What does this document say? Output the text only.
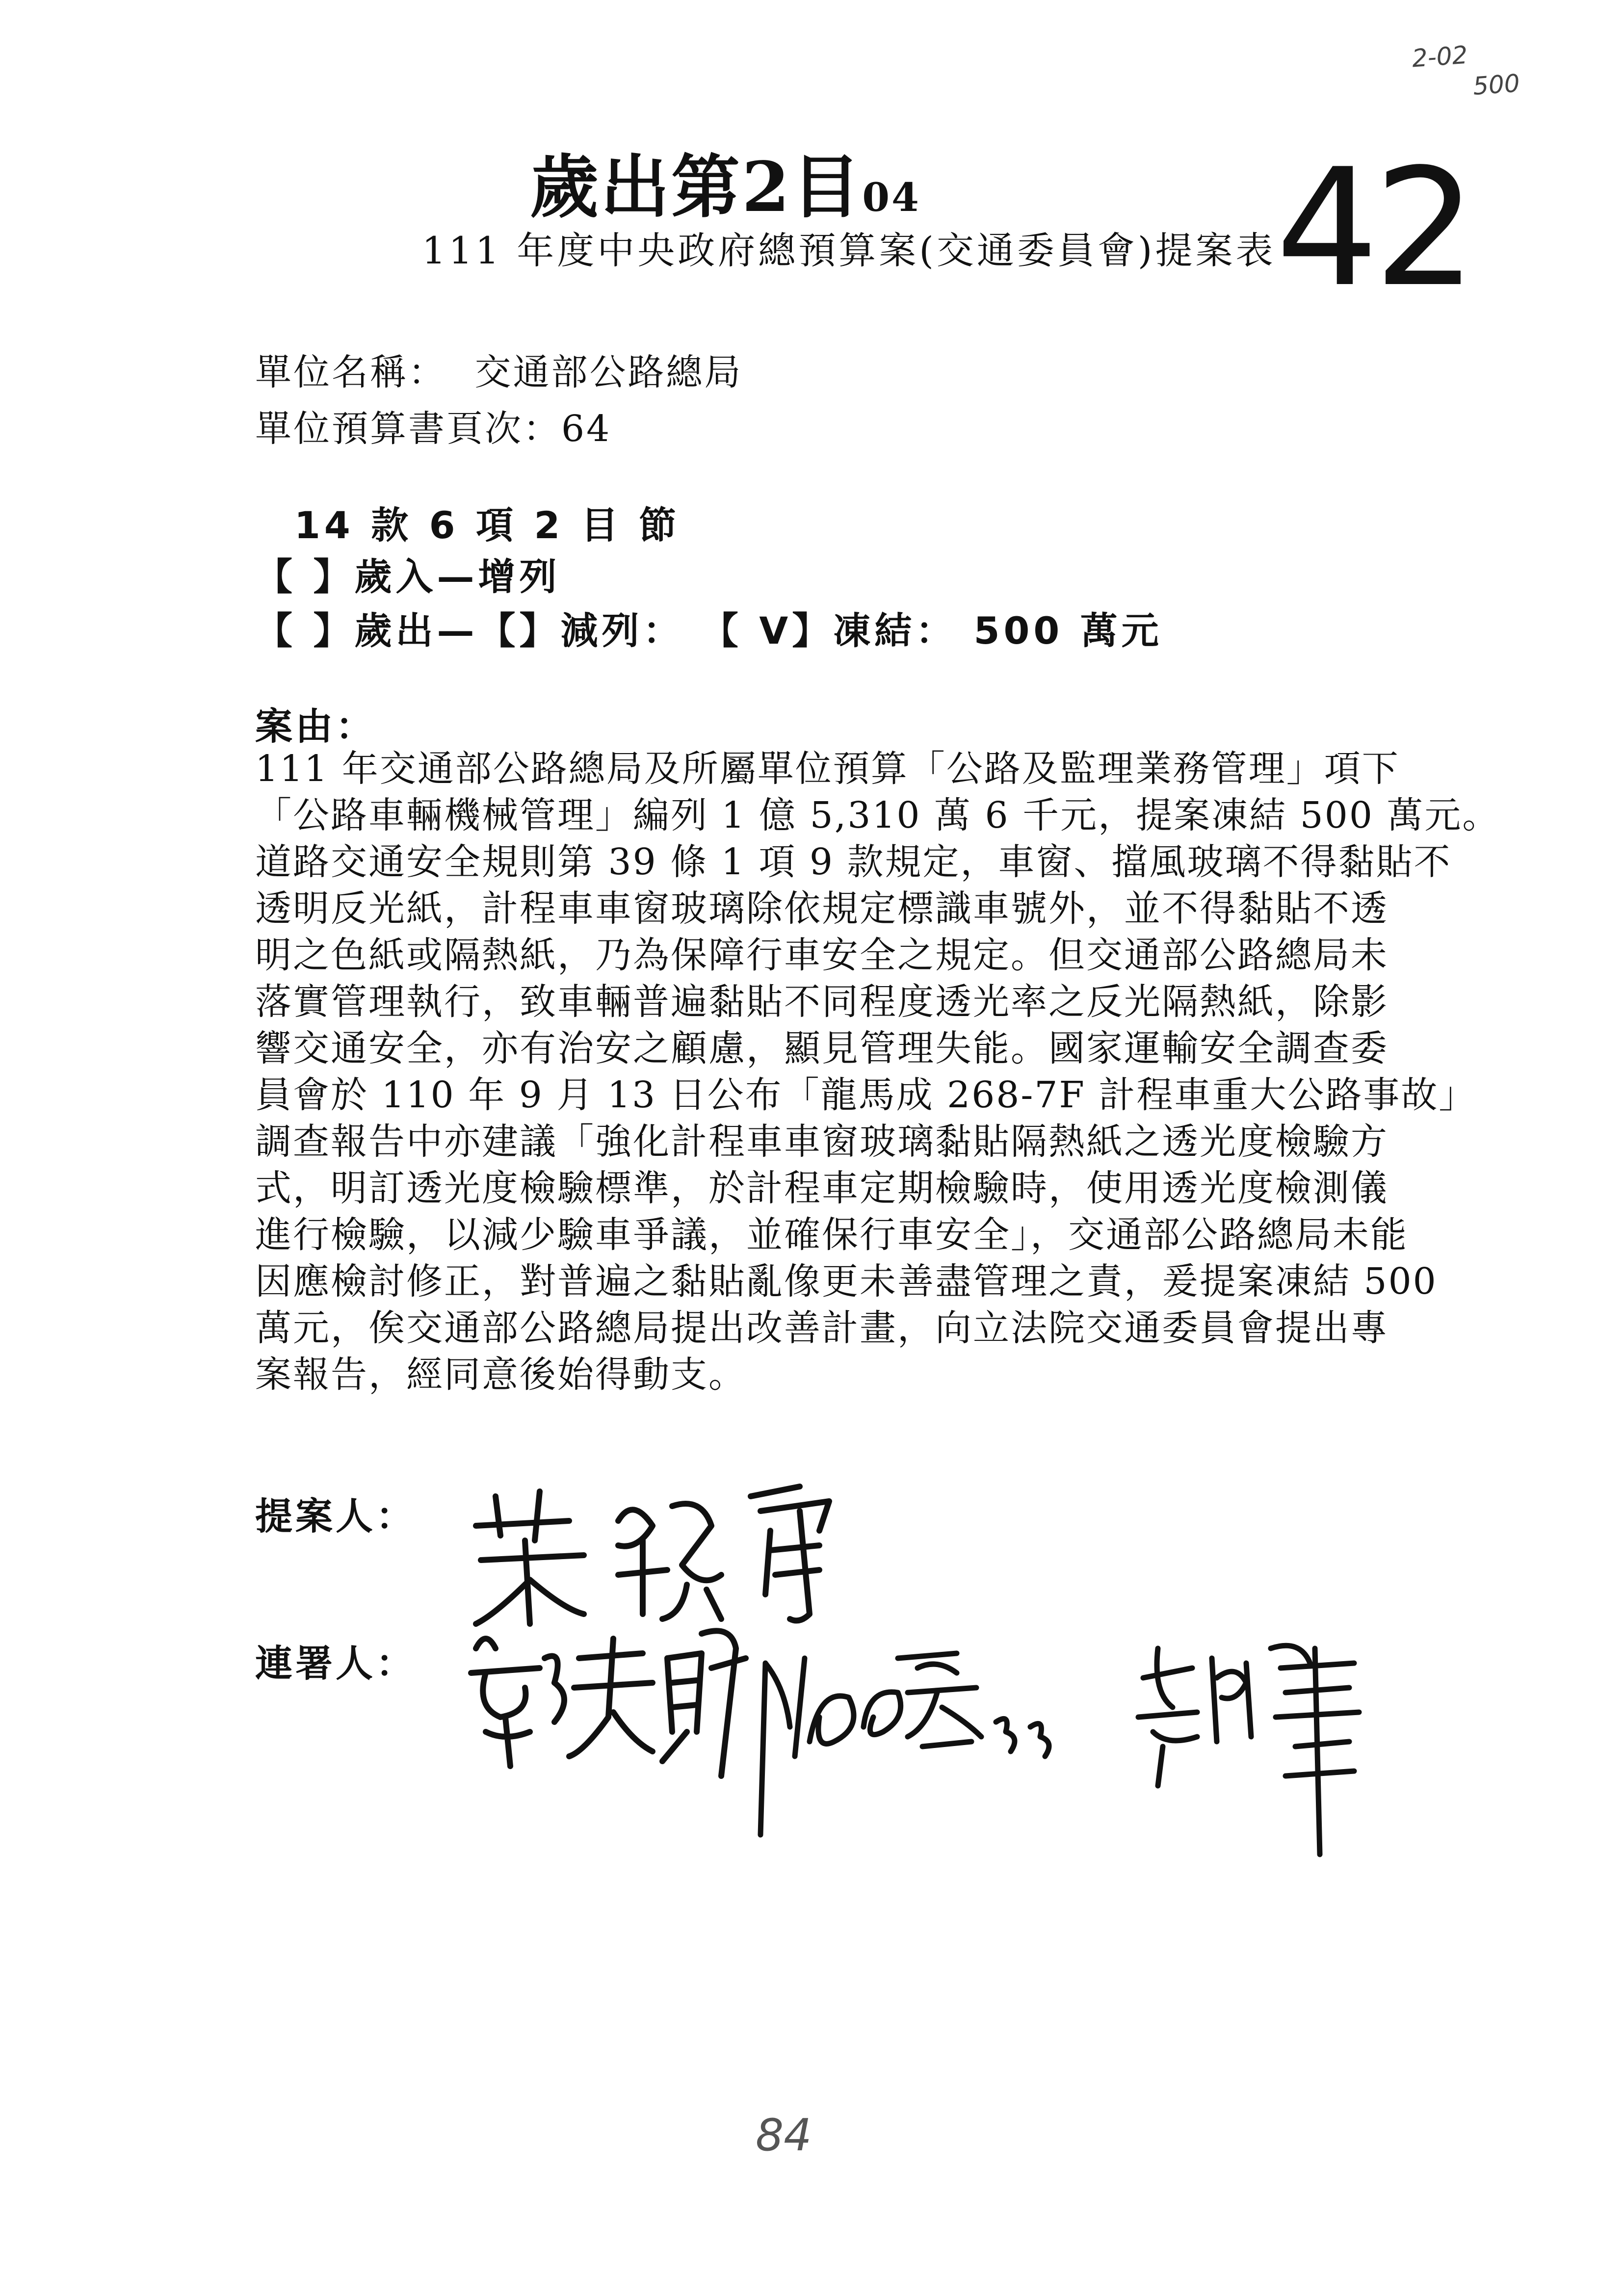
2-02
500
歲出第2目04 42
111 年度中央政府總預算案(交通委員會)提案表
單位名稱： 交通部公路總局
單位預算書頁次：64
14 款 6 項 2 目 節
【 】歲入—增列
【 】歲出—【】減列： 【 V】凍結： 500 萬元
案由：
111 年交通部公路總局及所屬單位預算「公路及監理業務管理」項下
「公路車輛機械管理」編列 1 億 5,310 萬 6 千元，提案凍結 500 萬元。
道路交通安全規則第 39 條 1 項 9 款規定，車窗、擋風玻璃不得黏貼不
透明反光紙，計程車車窗玻璃除依規定標識車號外，並不得黏貼不透
明之色紙或隔熱紙，乃為保障行車安全之規定。但交通部公路總局未
落實管理執行，致車輛普遍黏貼不同程度透光率之反光隔熱紙，除影
響交通安全，亦有治安之顧慮，顯見管理失能。國家運輸安全調查委
員會於 110 年 9 月 13 日公布「龍馬成 268-7F 計程車重大公路事故」
調查報告中亦建議「強化計程車車窗玻璃黏貼隔熱紙之透光度檢驗方
式，明訂透光度檢驗標準，於計程車定期檢驗時，使用透光度檢測儀
進行檢驗，以減少驗車爭議，並確保行車安全」，交通部公路總局未能
因應檢討修正，對普遍之黏貼亂像更未善盡管理之責，爰提案凍結 500
萬元，俟交通部公路總局提出改善計畫，向立法院交通委員會提出專
案報告，經同意後始得動支。
提案人：
連署人：
84
